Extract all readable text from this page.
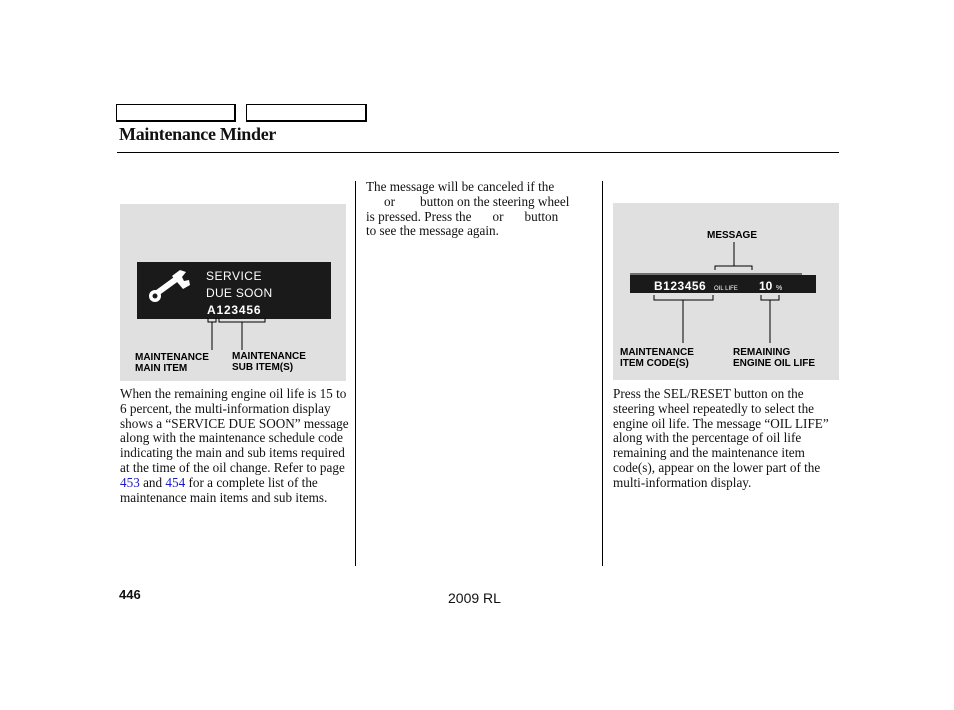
Maintenance Minder
SERVICE
DUE SOON
A123456
MAINTENANCE
MAIN ITEM
MAINTENANCE
SUB ITEM(S)
MESSAGE
B123456 OIL LIFE 10 %
MAINTENANCE
ITEM CODE(S)
REMAINING
ENGINE OIL LIFE
When the remaining engine oil life is 15 to 6 percent, the multi-information display shows a “SERVICE DUE SOON” message along with the maintenance schedule code indicating the main and sub items required at the time of the oil change. Refer to page 453 and 454 for a complete list of the maintenance main items and sub items.
The message will be canceled if the
or button on the steering wheel
is pressed. Press the or button
to see the message again.
Press the SEL/RESET button on the steering wheel repeatedly to select the engine oil life. The message “OIL LIFE” along with the percentage of oil life remaining and the maintenance item code(s), appear on the lower part of the multi-information display.
446	2009 RL
